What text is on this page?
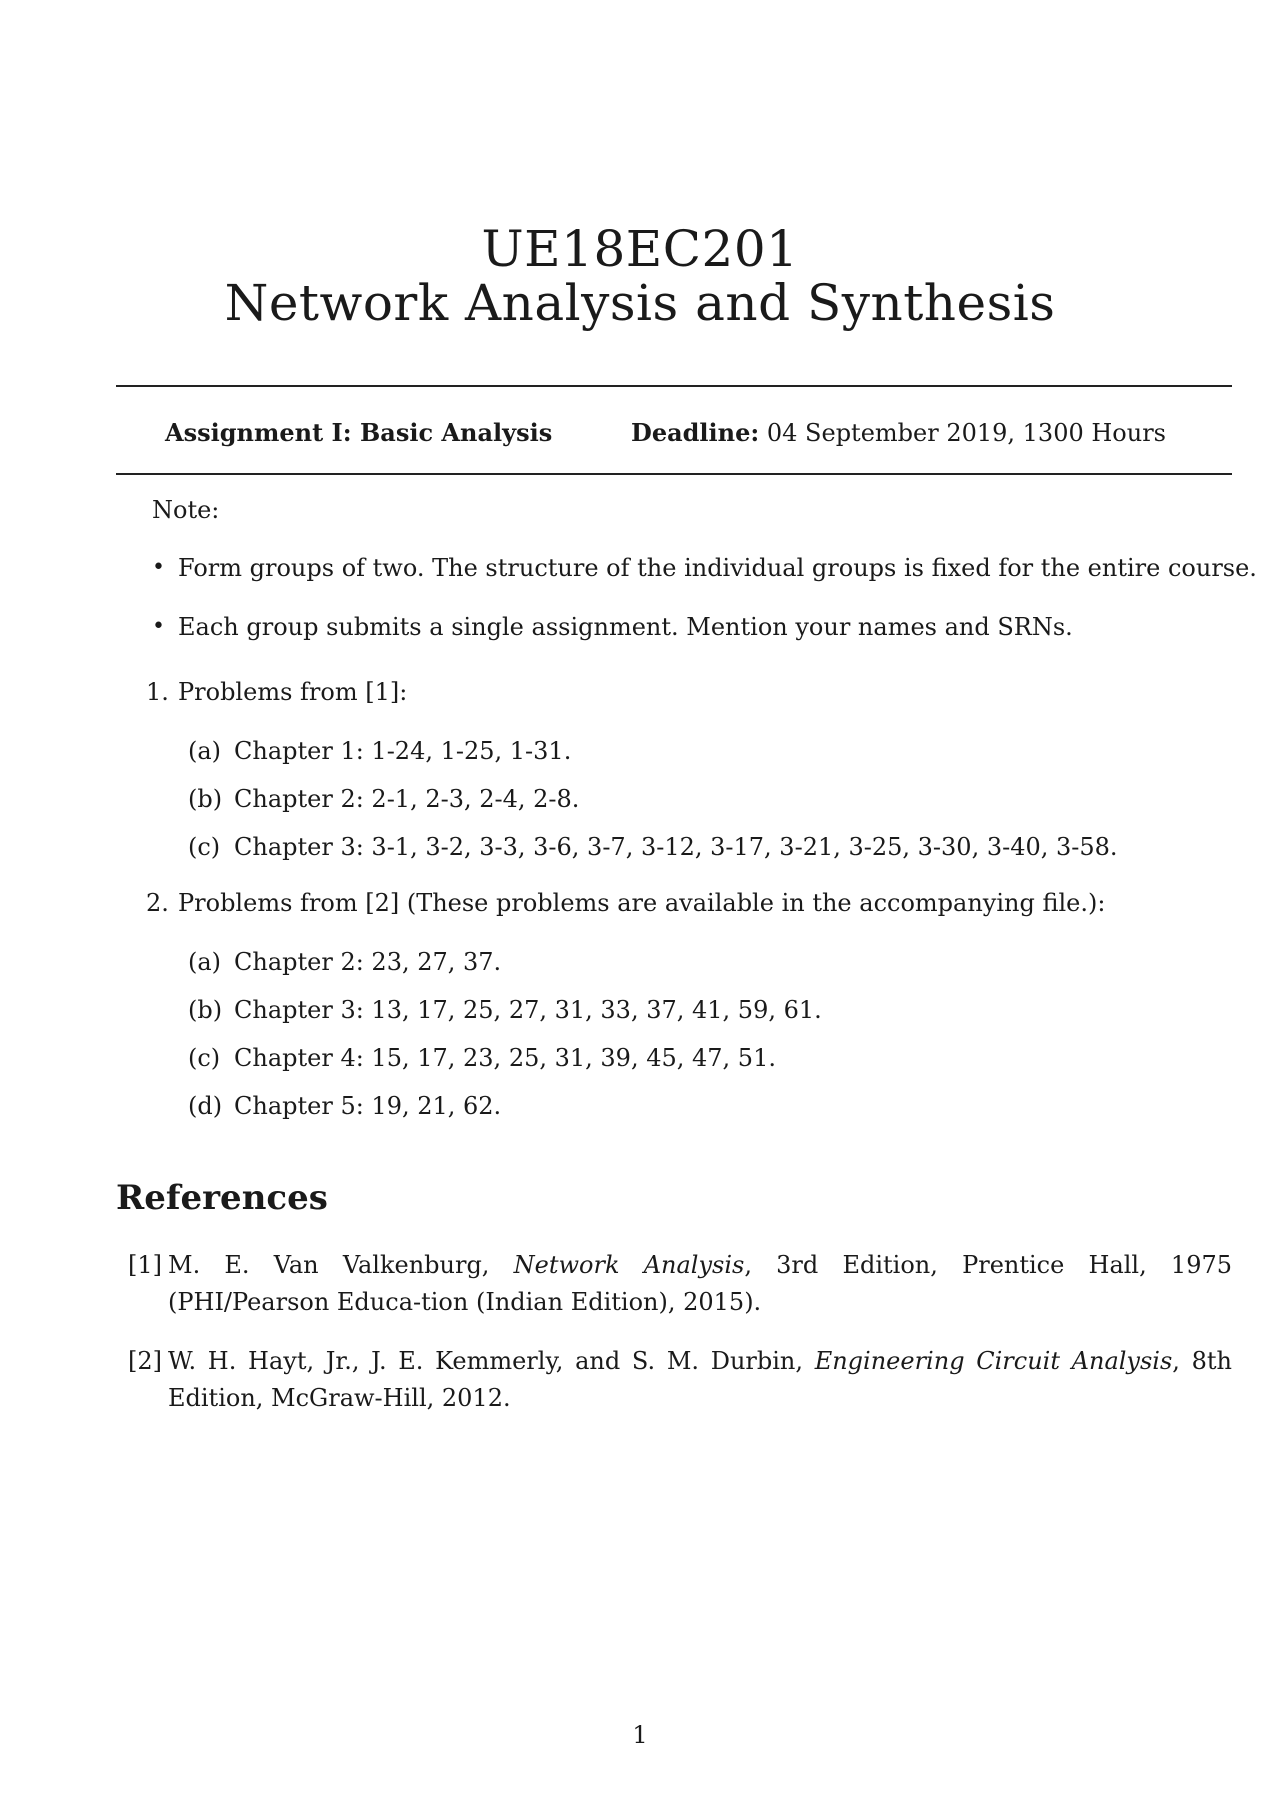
UE18EC201
Network Analysis and Synthesis
Assignment I: Basic Analysis	Deadline: 04 September 2019, 1300 Hours
Note:
• Form groups of two. The structure of the individual groups is fixed for the entire course.
• Each group submits a single assignment. Mention your names and SRNs.
1. Problems from [1]:
(a) Chapter 1: 1-24, 1-25, 1-31.
(b) Chapter 2: 2-1, 2-3, 2-4, 2-8.
(c) Chapter 3: 3-1, 3-2, 3-3, 3-6, 3-7, 3-12, 3-17, 3-21, 3-25, 3-30, 3-40, 3-58.
2. Problems from [2] (These problems are available in the accompanying file.):
(a) Chapter 2: 23, 27, 37.
(b) Chapter 3: 13, 17, 25, 27, 31, 33, 37, 41, 59, 61.
(c) Chapter 4: 15, 17, 23, 25, 31, 39, 45, 47, 51.
(d) Chapter 5: 19, 21, 62.
References
[1] M. E. Van Valkenburg, Network Analysis, 3rd Edition, Prentice Hall, 1975 (PHI/Pearson Educa-tion (Indian Edition), 2015).
[2] W. H. Hayt, Jr., J. E. Kemmerly, and S. M. Durbin, Engineering Circuit Analysis, 8th Edition, McGraw-Hill, 2012.
1
